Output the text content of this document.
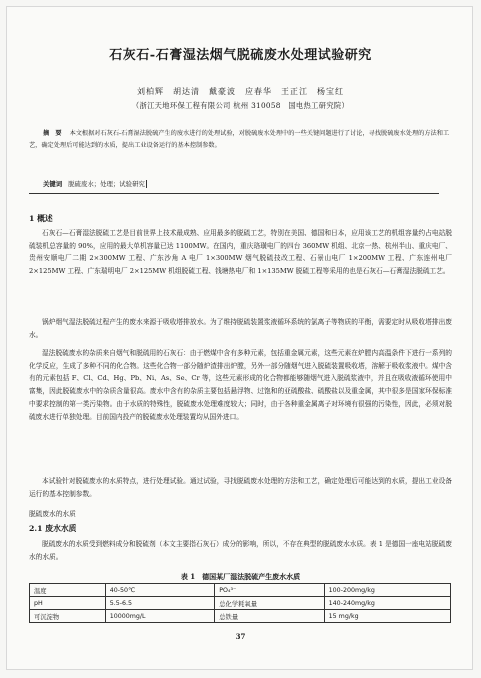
石灰石-石膏湿法烟气脱硫废水处理试验研究
刘柏辉　胡达清　戴豪波　应春华　王正江　杨宝红
（浙江天地环保工程有限公司 杭州 310058　国电热工研究院）
摘　要 本文根据对石灰石-石膏湿法脱硫产生的废水进行的处理试验，对脱硫废水处理中的一些关键问题进行了讨论，寻找脱硫废水处理的方法和工艺，确定处理后可能达到的水质，提出工业设备运行的基本控制参数。
关键词 脱硫废水；处理；试验研究
1 概述
石灰石—石膏湿法脱硫工艺是目前世界上技术最成熟、应用最多的脱硫工艺，特别在美国、德国和日本，应用该工艺的机组容量约占电站脱硫装机总容量的 90%，应用的最大单机容量已达 1100MW。在国内，重庆珞璜电厂的四台 360MW 机组、北京一热、杭州半山、重庆电厂、贵州安顺电厂二期 2×300MW 工程、广东沙角 A 电厂 1×300MW 烟气脱硫技改工程、石景山电厂 1×200MW 工程、广东连州电厂 2×125MW 工程、广东瑞明电厂 2×125MW 机组脱硫工程、钱塘热电厂和 1×135MW 脱硫工程等采用的也是石灰石—石膏湿法脱硫工艺。
锅炉烟气湿法脱硫过程产生的废水来源于吸收塔排放水。为了维持脱硫装置浆液循环系统的氯离子等物质的平衡，需要定时从吸收塔排出废水。
湿法脱硫废水的杂质来自烟气和脱硫用的石灰石：由于燃煤中含有多种元素，包括重金属元素，这些元素在炉膛内高温条件下进行一系列的化学反应，生成了多种不同的化合物。这些化合物一部分随炉渣排出炉膛，另外一部分随烟气进入脱硫装置吸收塔，溶解于吸收浆液中。煤中含有的元素包括 F、Cl、Cd、Hg、Pb、Ni、As、Se、Cr 等，这些元素形成的化合物都能够随烟气进入脱硫浆液中，并且在吸收液循环使用中富集，因此脱硫废水中的杂质含量很高。废水中含有的杂质主要包括悬浮物、过饱和的亚硫酸盐、硫酸盐以及重金属，其中很多是国家环保标准中要求控制的第一类污染物。由于水质的特殊性，脱硫废水处理难度较大；同时，由于各种重金属离子对环境有很强的污染性，因此，必须对脱硫废水进行单独处理。目前国内投产的脱硫废水处理装置均从国外进口。
本试验针对脱硫废水的水质特点，进行处理试验。通过试验，寻找脱硫废水处理的方法和工艺，确定处理后可能达到的水质，提出工业设备运行的基本控制参数。
脱硫废水的水质
2.1 废水水质
脱硫废水的水质受到燃料成分和脱硫剂（本文主要指石灰石）成分的影响，所以，不存在典型的脱硫废水水质。表 1 是德国一座电站脱硫废水的水质。
表 1　德国某厂湿法脱硫产生废水水质
温度	40-50℃	PO₄³⁻	100-200mg/kg
pH	5.5-6.5	总化学耗氧量	140-240mg/kg
可沉淀物	10000mg/L	总铁量	15 mg/kg
37
